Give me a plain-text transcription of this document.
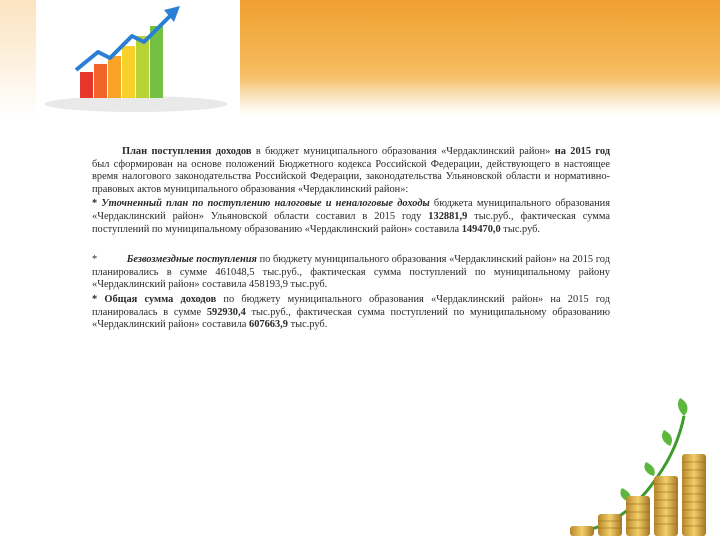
План поступления доходов в бюджет муниципального образования «Чердаклинский район» на 2015 год был сформирован на основе положений Бюджетного кодекса Российской Федерации, действующего в настоящее время налогового законодательства Российской Федерации, законодательства Ульяновской области и нормативно-правовых актов муниципального образования «Чердаклинский район»:

* Уточненный план по поступлению налоговые и неналоговые доходы бюджета муниципального образования «Чердаклинский район» Ульяновской области составил в 2015 году 132881,9 тыс.руб., фактическая сумма поступлений по муниципальному образованию «Чердаклинский район» составила 149470,0 тыс.руб.

*           Безвозмездные поступления по бюджету муниципального образования «Чердаклинский район» на 2015 год планировались в сумме 461048,5 тыс.руб., фактическая сумма поступлений по муниципальному району «Чердаклинский район» составила 458193,9 тыс.руб.

* Общая сумма доходов по бюджету муниципального образования «Чердаклинский район» на 2015 год планировалась в сумме 592930,4 тыс.руб., фактическая сумма поступлений по муниципальному образованию «Чердаклинский район» составила 607663,9 тыс.руб.
